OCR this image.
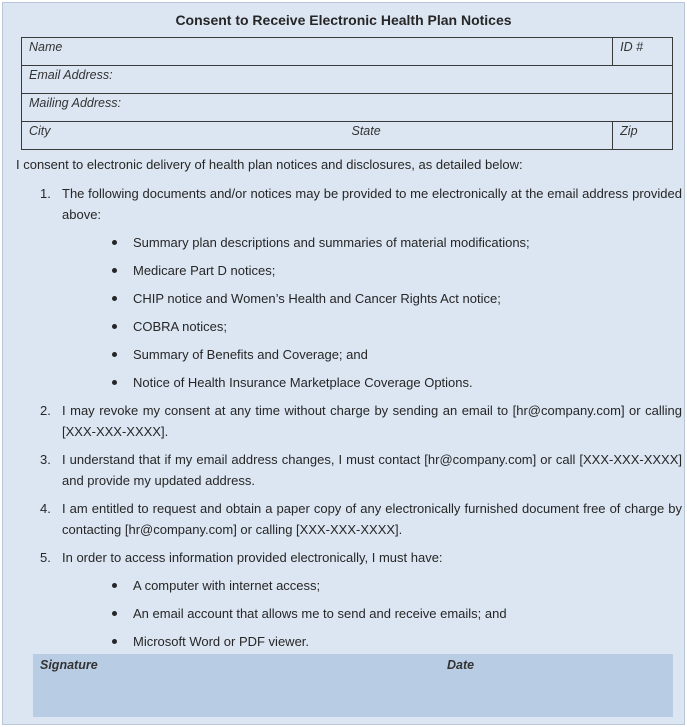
Consent to Receive Electronic Health Plan Notices
Name		ID #
Email Address:		
Mailing Address:		
City	State	Zip
I consent to electronic delivery of health plan notices and disclosures, as detailed below:
1. The following documents and/or notices may be provided to me electronically at the email address provided above:
Summary plan descriptions and summaries of material modifications;
Medicare Part D notices;
CHIP notice and Women’s Health and Cancer Rights Act notice;
COBRA notices;
Summary of Benefits and Coverage; and
Notice of Health Insurance Marketplace Coverage Options.
2. I may revoke my consent at any time without charge by sending an email to [hr@company.com] or calling [XXX-XXX-XXXX].
3. I understand that if my email address changes, I must contact [hr@company.com] or call [XXX-XXX-XXXX] and provide my updated address.
4. I am entitled to request and obtain a paper copy of any electronically furnished document free of charge by contacting [hr@company.com] or calling [XXX-XXX-XXXX].
5. In order to access information provided electronically, I must have:
A computer with internet access;
An email account that allows me to send and receive emails; and
Microsoft Word or PDF viewer.
Signature	Date
